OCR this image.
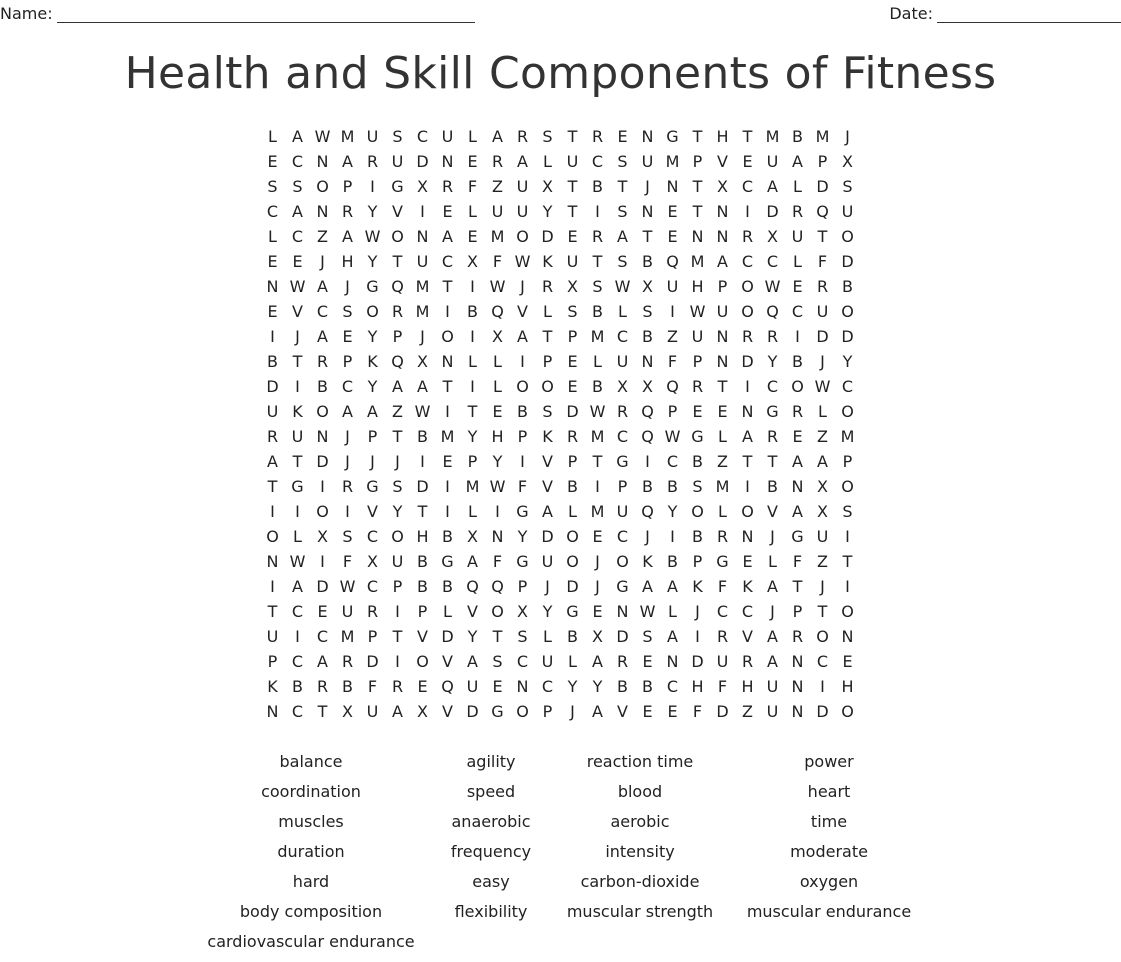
Name:	Date:
Health and Skill Components of Fitness
L A W M U S C U L A R S T R E N G T H T M B M J
E C N A R U D N E R A L U C S U M P V E U A P X
S S O P	I	G X R F Z U X T B T	J	N T X C A L D S
C A N R Y V	I	E L U U Y T	I	S N E T N	I	D R Q U
L C Z A W O N A E M O D E R A T E N N R X U T O
E E	J	H Y T U C X F W K U T S B Q M A C C L F D
N W A	J	G Q M T	I W J	R X S W X U H P O W E R B
E V C S O R M I	B Q V L S B L S	I W U O Q C U O
I	J	A E Y P	J	O	I	X A T P M C B Z U N R R	I	D D
B T R P K Q X N L	L	I	P E L U N F P N D Y B	J	Y
D	I	B C Y A A T	I	L O O E B X X Q R T	I	C O W C
U K O A A Z W I	T E B S D W R Q P E E N G R L O
R U N	J	P T B M Y H P K R M C Q W G L A R E Z M
A T D	J	J	J	I	E P Y	I	V P T G	I	C B Z T T A A P
T G	I	R G S D	I M W F V B	I	P B B S M I	B N X O
I	I	O	I	V Y T	I	L	I	G A L M U Q Y O L O V A X S
O L X S C O H B X N Y D O E C	J	I	B R N	J	G U	I
N W I	F X U B G A F G U O	J	O K B P G E L F Z T
I	A D W C P B B Q Q P	J	D	J	G A A K F K A T	J	I
T C E U R	I	P L V O X Y G E N W L	J	C C	J	P T O
U	I	C M P T V D Y T S L B X D S A	I	R V A R O N
P C A R D	I	O V A S C U L A R E N D U R A N C E
K B R B F R E Q U E N C Y Y B B C H F H U N	I	H
N C T X U A X V D G O P	J	A V E E F D Z U N D O
balance
coordination
muscles
duration
hard
body composition
cardiovascular endurance
agility
speed
anaerobic
frequency
easy
flexibility
reaction time
blood
aerobic
intensity
carbon-dioxide
muscular strength
power
heart
time
moderate
oxygen
muscular endurance
